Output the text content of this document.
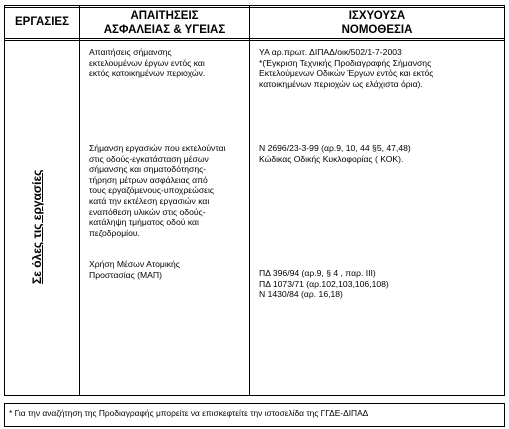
ΕΡΓΑΣΙΕΣ	ΑΠΑΙΤΗΣΕΙΣ
ΑΣΦΑΛΕΙΑΣ & ΥΓΕΙΑΣ
ΙΣΧΥΟΥΣΑ
ΝΟΜΟΘΕΣΙΑ
Σε όλες τις εργασίες
Απαιτήσεις σήμανσης
εκτελουμένων έργων εντός και
εκτός κατοικημένων περιοχών.
ΥΑ αρ.πρωτ. ΔΙΠΑΔ/οικ/502/1-7-2003
*(Έγκριση Τεχνικής Προδιαγραφής Σήμανσης
Εκτελούμενων Οδικών Έργων εντός και εκτός
κατοικημένων περιοχών ως ελάχιστα όρια).
Σήμανση εργασιών που εκτελούνται
στις οδούς-εγκατάσταση μέσων
σήμανσης και σηματοδότησης-
τήρηση μέτρων ασφάλειας από
τους εργαζόμενους-υποχρεώσεις
κατά την εκτέλεση εργασιών και
εναπόθεση υλικών στις οδούς-
κατάληψη τμήματος οδού και
πεζοδρομίου.
Ν 2696/23-3-99 (αρ.9, 10, 44 §5, 47,48)
Κώδικας Οδικής Κυκλοφορίας ( ΚΟΚ).
Χρήση Μέσων Ατομικής
Προστασίας (ΜΑΠ)	ΠΔ 396/94 (αρ.9, § 4 , παρ. ΙΙΙ)
ΠΔ 1073/71 (αρ.102,103,106,108)
Ν 1430/84 (αρ. 16,18)
* Για την αναζήτηση της Προδιαγραφής μπορείτε να επισκεφτείτε την ιστοσελίδα της ΓΓΔΕ-ΔΙΠΑΔ
